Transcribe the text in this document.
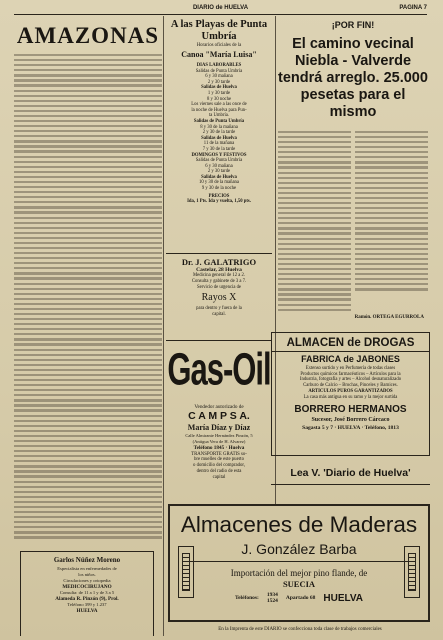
DIARIO de HUELVA	PAGINA 7
AMAZONAS
Garlos Núñez Moreno
Especialista en enfermedades de
los niños.
Circulaciones y ortopedia
MEDICOCIRUJANO
Consulta: de 11 a 1 y de 3 a 5
Alameda R. Pinzón (9), Prol.
Teléfono 399 y 1.237
HUELVA
A las Playas de Punta Umbría
Horarios oficiales de la
Canoa "María Luisa"
DIAS LABORABLES
Salidas de Punta Umbría
6 y 30 mañana
2 y 30 tarde
Salidas de Huelva
1 y 30 tarde
8 y 30 noche
Los viernes sale a las once de
la noche de Huelva para Pun-
ta Umbría.
Salidas de Punta Umbría
8 y 30 de la mañana
2 y 30 de la tarde
Salidas de Huelva
11 de la mañana
7 y 30 de la tarde
DOMINGOS Y FESTIVOS
Salidas de Punta Umbría
6 y 30 mañana
2 y 30 tarde
Salidas de Huelva
10 y 30 de la mañana
9 y 30 de la noche
PRECIOS
Ida, 1 Pts. Ida y vuelta, 1,50 pts.
Dr. J. GALATRIGO
Castelar, 28 Huelva
Medicina general de 12 a 2.
Consulta y gabinete de 3 a 7.
Servicio de urgencia de
Rayos X
para dentro y fuera de la
capital.
Gas-Oil
Vendedor autorizado de
C A M P S A.
María Díaz y Díaz
Calle Almirante Hernández Pinzón, 5
(Antigua Vera de H. Alvarez)
Teléfono 1845 · Huelva
TRANSPORTE GRATIS so-
bre muelles de este puerto
o domicilio del comprador,
dentro del radio de esta
capital
¡POR FIN!
El camino vecinal Niebla - Valverde tendrá arreglo. 25.000 pesetas para el mismo
Ramón. ORTEGA EGURROLA
ALMACEN de DROGAS
FABRICA de JABONES
Extenso surtido y en Perfumería de todas clases
Productos químicos farmacéuticos – Artículos para la
Industria, fotografía y artes – Alcohol desnaturalizado
Carburo de Calcio – Brochas, Pinceles y Barnices.
ARTICULOS PUROS GARANTIZADOS
La casa más antigua en su ramo y la mejor surtida
BORRERO HERMANOS
Sucesor, José Borrero Cárcaco
Sagasta 5 y 7 · HUELVA · Teléfono, 1813
Lea V. 'Diario de Huelva'
Almacenes de Maderas
J. González Barba
Importación del mejor pino flande, de
SUECIA
Teléfonos: 1934
1524 Apartado 68 HUELVA
En la Imprenta de este DIARIO se confecciona toda clase de trabajos comerciales
